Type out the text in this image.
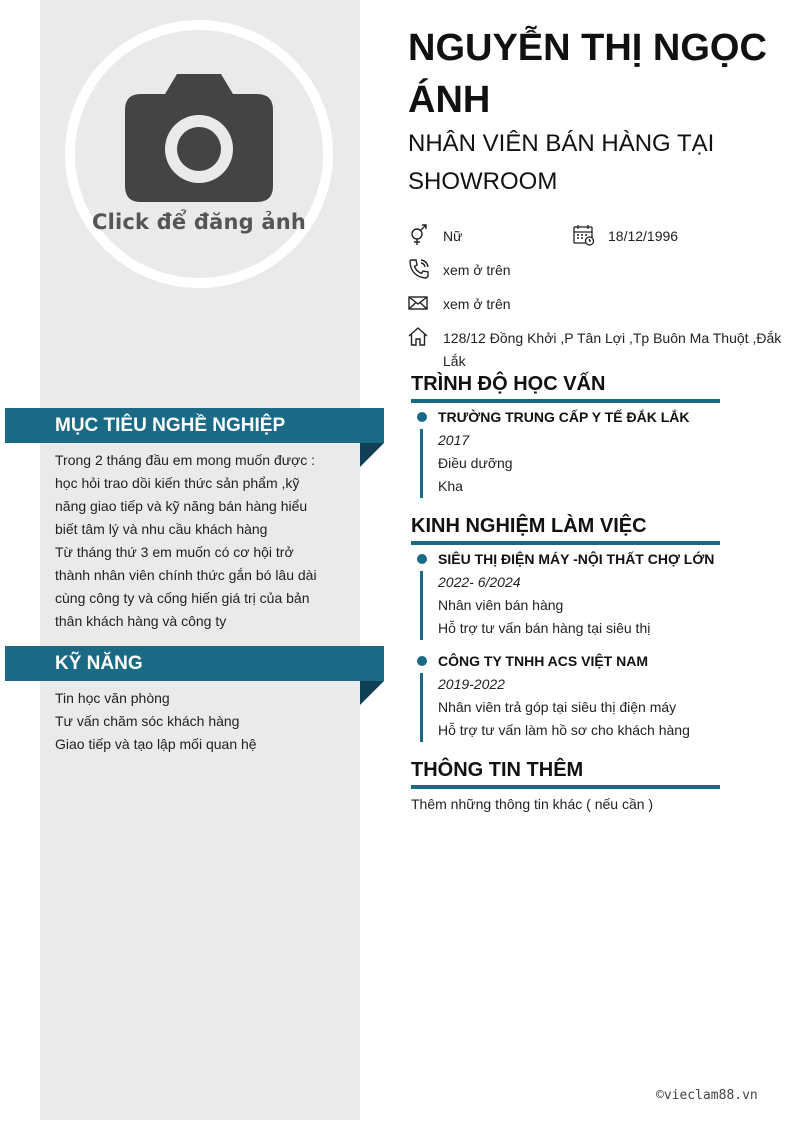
Click để đăng ảnh
MỤC TIÊU NGHỀ NGHIỆP
Trong 2 tháng đầu em mong muốn được :
học hỏi trao dồi kiến thức sản phẩm ,kỹ
năng giao tiếp và kỹ năng bán hàng hiểu
biết tâm lý và nhu cầu khách hàng
Từ tháng thứ 3 em muốn có cơ hội trở
thành nhân viên chính thức gắn bó lâu dài
cùng công ty và cống hiến giá trị của bản
thân khách hàng và công ty
KỸ NĂNG
Tin học văn phòng
Tư vấn chăm sóc khách hàng
Giao tiếp và tạo lập mối quan hệ
NGUYỄN THỊ NGỌC
ÁNH
NHÂN VIÊN BÁN HÀNG TẠI
SHOWROOM
Nữ	18/12/1996
xem ở trên
xem ở trên
128/12 Đồng Khởi ,P Tân Lợi ,Tp Buôn Ma Thuột ,Đắk
Lắk
TRÌNH ĐỘ HỌC VẤN
TRƯỜNG TRUNG CẤP Y TẾ ĐẮK LẮK
2017
Điều dưỡng
Kha
KINH NGHIỆM LÀM VIỆC
SIÊU THỊ ĐIỆN MÁY -NỘI THẤT CHỢ LỚN
2022- 6/2024
Nhân viên bán hàng
Hỗ trợ tư vấn bán hàng tại siêu thị
CÔNG TY TNHH ACS VIỆT NAM
2019-2022
Nhân viên trả góp tại siêu thị điện máy
Hỗ trợ tư vấn làm hồ sơ cho khách hàng
THÔNG TIN THÊM
Thêm những thông tin khác ( nếu cần )
©vieclam88.vn
